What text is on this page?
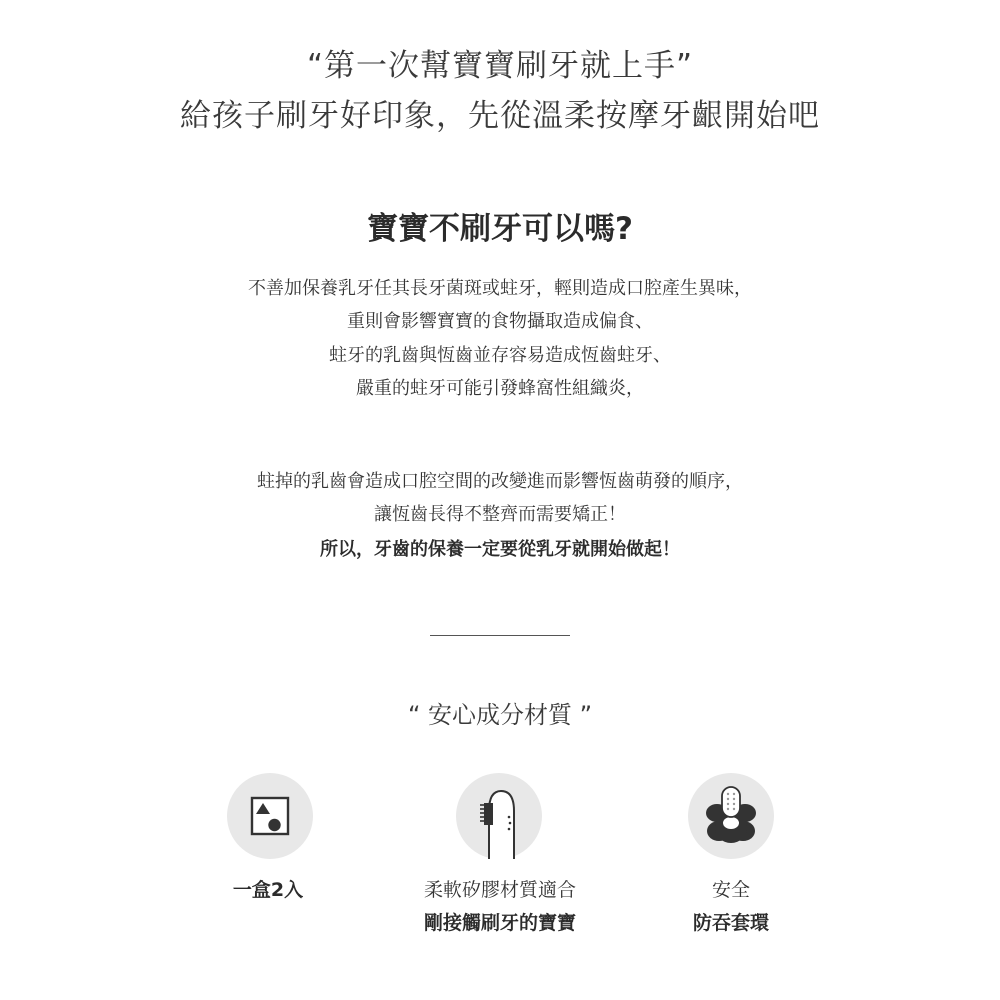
“第一次幫寶寶刷牙就上手”
給孩子刷牙好印象，先從溫柔按摩牙齦開始吧
寶寶不刷牙可以嗎?
不善加保養乳牙任其長牙菌斑或蛀牙，輕則造成口腔產生異味，
重則會影響寶寶的食物攝取造成偏食、
蛀牙的乳齒與恆齒並存容易造成恆齒蛀牙、
嚴重的蛀牙可能引發蜂窩性組織炎，
蛀掉的乳齒會造成口腔空間的改變進而影響恆齒萌發的順序，
讓恆齒長得不整齊而需要矯正！
所以，牙齒的保養一定要從乳牙就開始做起！
“ 安心成分材質 ”
一盒2入	柔軟矽膠材質適合
剛接觸刷牙的寶寶
安全
防吞套環
